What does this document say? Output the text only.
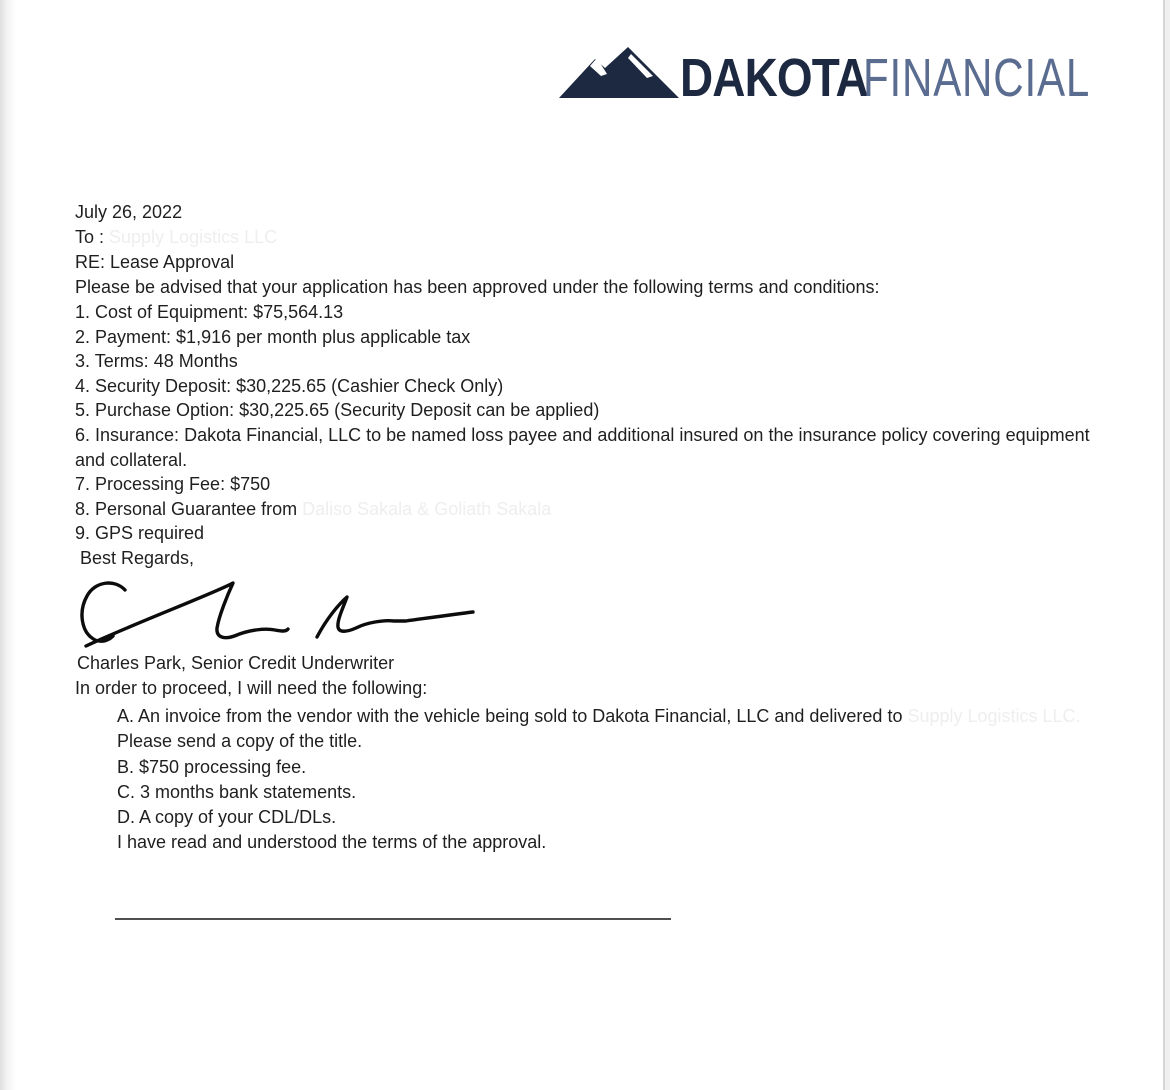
DAKOTA
FINANCIAL

July 26, 2022

To : Supply Logistics LLC

RE: Lease Approval

Please be advised that your application has been approved under the following terms and conditions:

1. Cost of Equipment: $75,564.13

2. Payment: $1,916 per month plus applicable tax

3. Terms: 48 Months

4. Security Deposit: $30,225.65 (Cashier Check Only)

5. Purchase Option: $30,225.65 (Security Deposit can be applied)

6. Insurance: Dakota Financial, LLC to be named loss payee and additional insured on the insurance policy covering equipment and collateral.

7. Processing Fee: $750

8. Personal Guarantee from Daliso Sakala & Goliath Sakala

9. GPS required

Best Regards,

Charles Park, Senior Credit Underwriter

In order to proceed, I will need the following:

A. An invoice from the vendor with the vehicle being sold to Dakota Financial, LLC and delivered to Supply Logistics LLC.
Please send a copy of the title.

B. $750 processing fee.

C. 3 months bank statements.

D. A copy of your CDL/DLs.

I have read and understood the terms of the approval.
